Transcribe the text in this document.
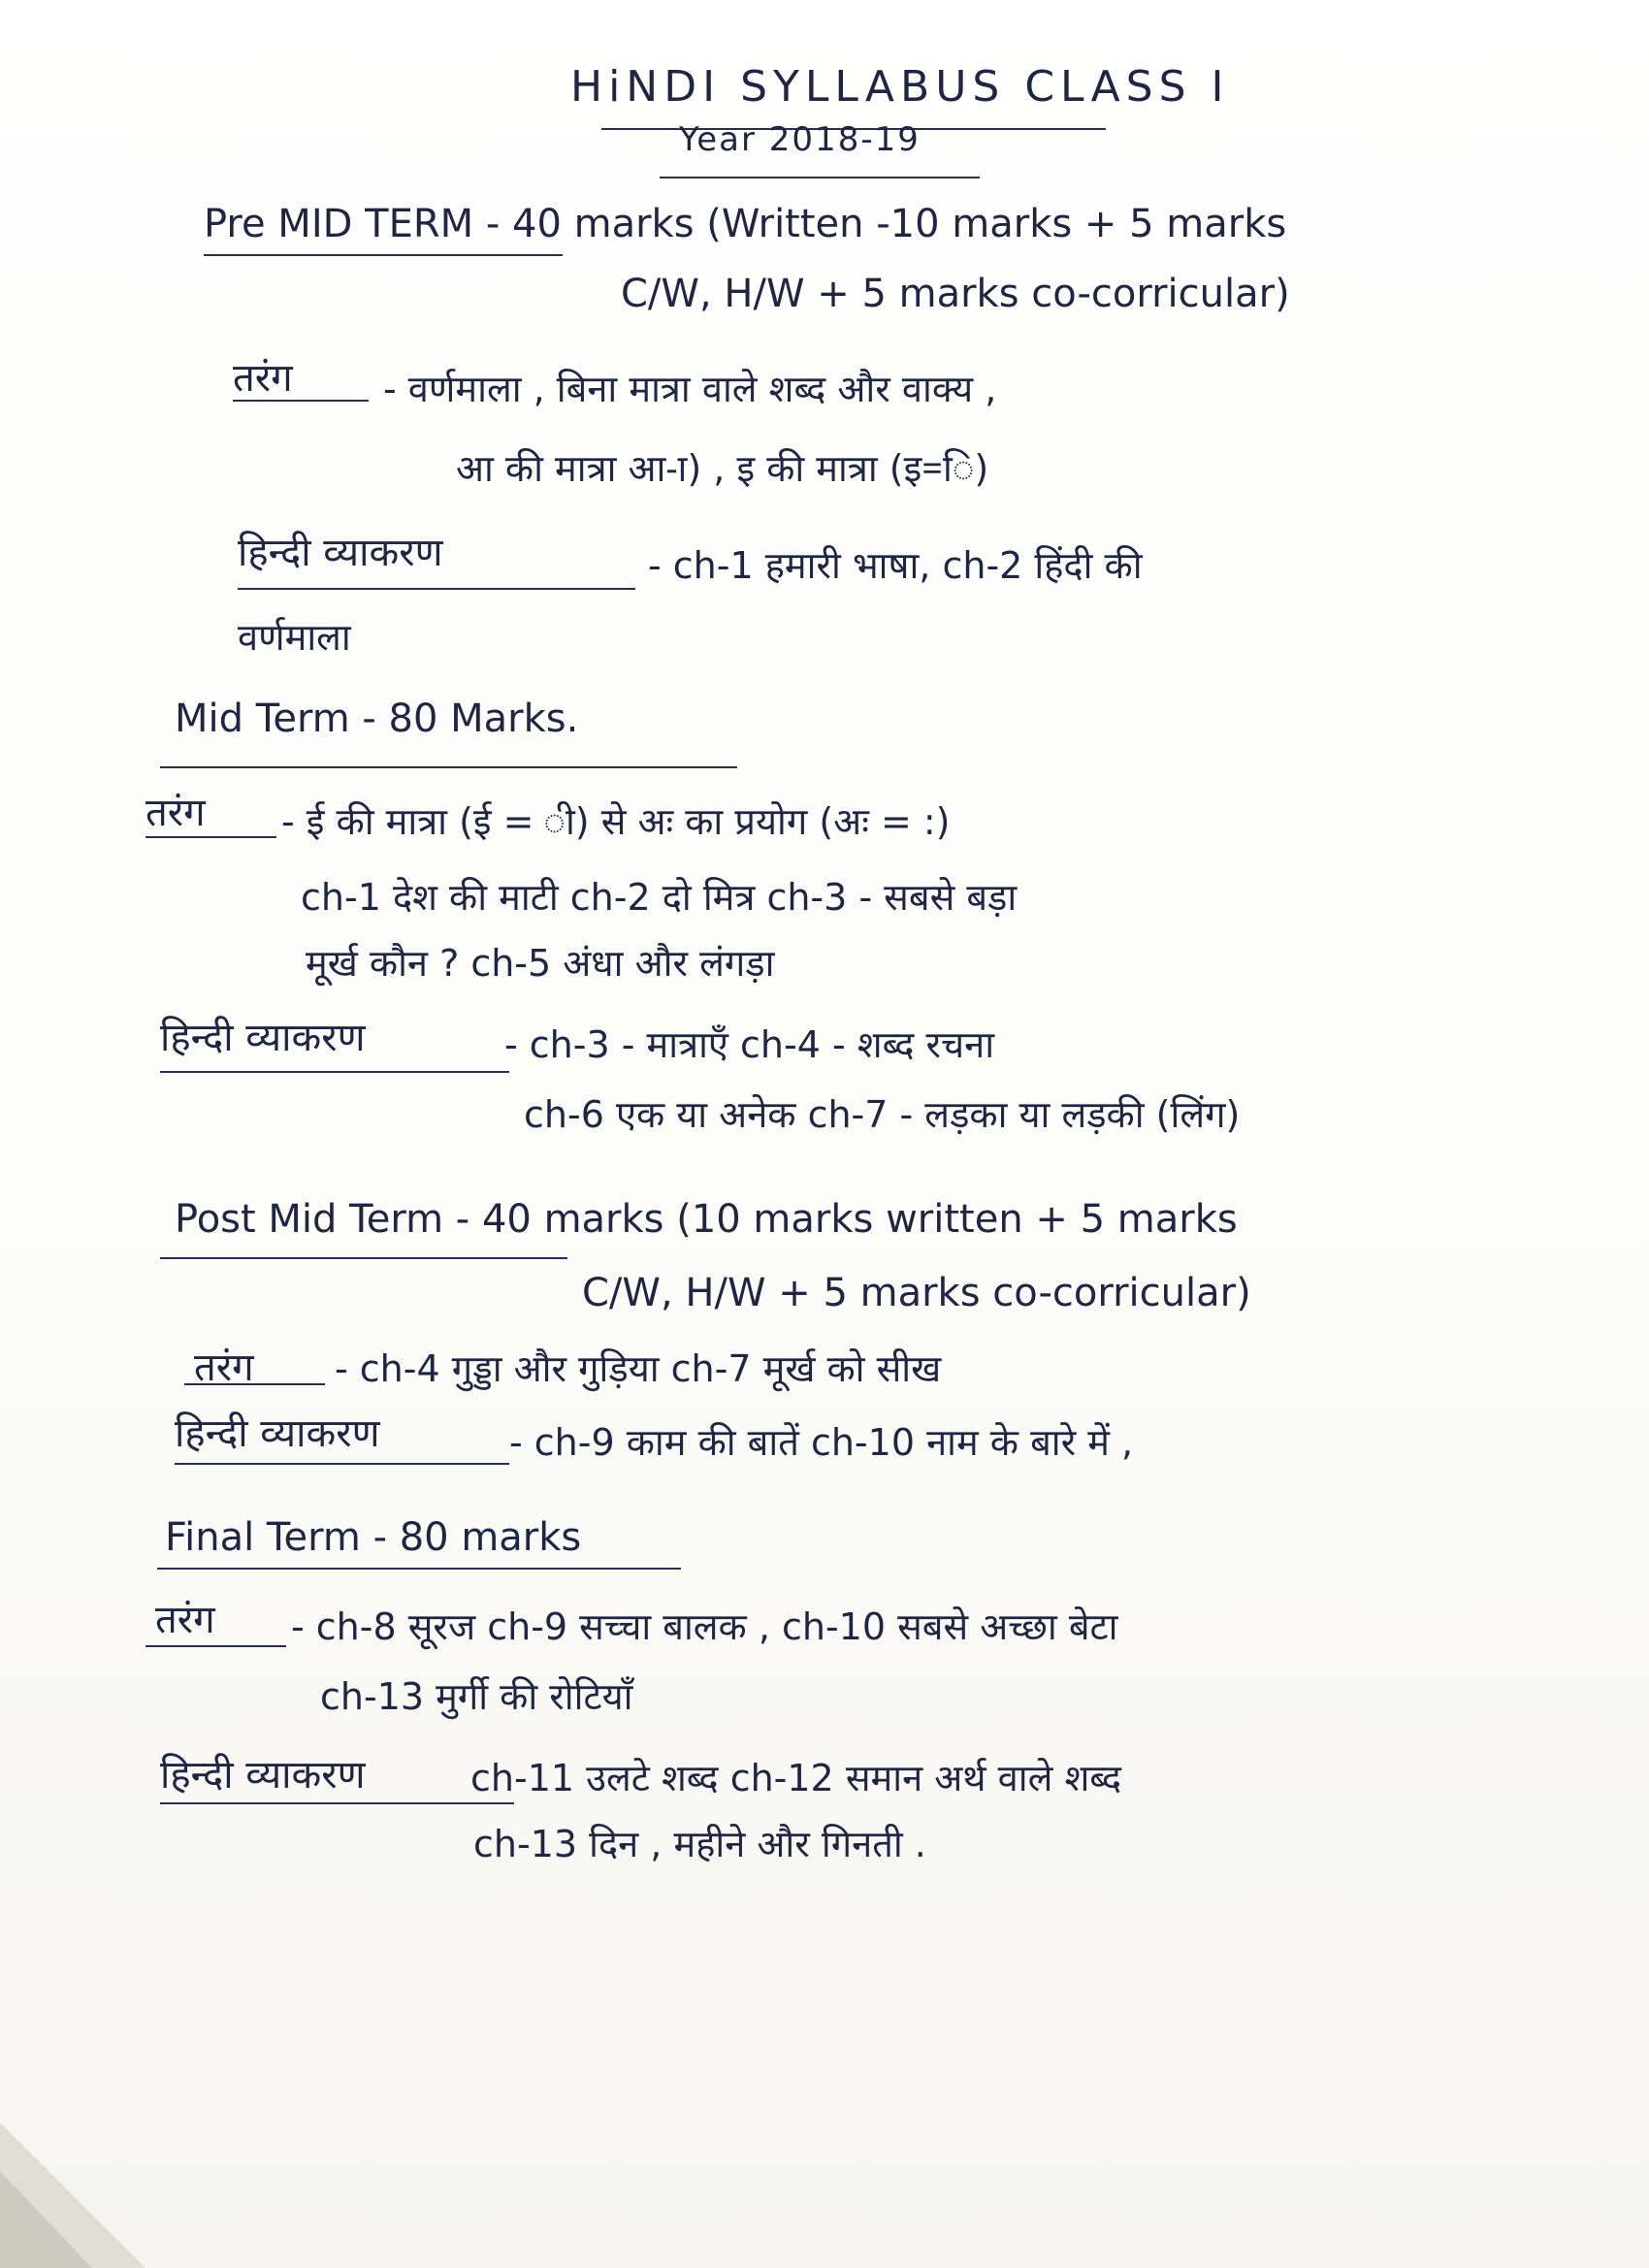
HiNDI SYLLABUS CLASS I
Year 2018-19
Pre MID TERM - 40 marks (Written -10 marks + 5 marks
C/W, H/W + 5 marks co-corricular)
तरंग - वर्णमाला , बिना मात्रा वाले शब्द और वाक्य ,
आ की मात्रा आ-ा) , इ की मात्रा (इ=ि)
हिन्दी व्याकरण	- ch-1 हमारी भाषा, ch-2 हिंदी की
वर्णमाला
Mid Term - 80 Marks.
तरंग - ई की मात्रा (ई = ी) से अः का प्रयोग (अः = :)
ch-1 देश की माटी ch-2 दो मित्र ch-3 - सबसे बड़ा
मूर्ख कौन ? ch-5 अंधा और लंगड़ा
हिन्दी व्याकरण	- ch-3 - मात्राएँ ch-4 - शब्द रचना
ch-6 एक या अनेक ch-7 - लड़का या लड़की (लिंग)
Post Mid Term - 40 marks (10 marks written + 5 marks
C/W, H/W + 5 marks co-corricular)
तरंग - ch-4 गुड्डा और गुड़िया ch-7 मूर्ख को सीख
हिन्दी व्याकरण	- ch-9 काम की बातें ch-10 नाम के बारे में ,
Final Term - 80 marks
तरंग - ch-8 सूरज ch-9 सच्चा बालक , ch-10 सबसे अच्छा बेटा
ch-13 मुर्गी की रोटियाँ
हिन्दी व्याकरण	ch-11 उलटे शब्द ch-12 समान अर्थ वाले शब्द
ch-13 दिन , महीने और गिनती .
